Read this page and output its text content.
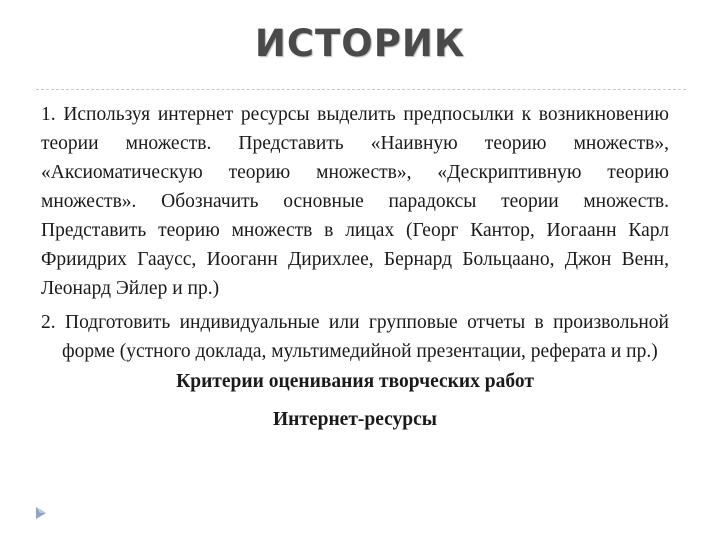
ИСТОРИК

1. Используя интернет ресурсы выделить предпосылки к возникновению теории множеств. Представить «Наивную теорию множеств», «Аксиоматическую теорию множеств», «Дескриптивную теорию множеств». Обозначить основные парадоксы теории множеств. Представить теорию множеств в лицах (Георг Кантор, Иогаанн Карл Фриидрих Гааусс, Иоoганн Дирихлее, Бернард Больцаано, Джон Венн, Леонард Эйлер и пр.)

2. Подготовить индивидуальные или групповые отчеты в произвольной форме (устного доклада, мультимедийной презентации, реферата и пр.)

Критерии оценивания творческих работ

Интернет-ресурсы
